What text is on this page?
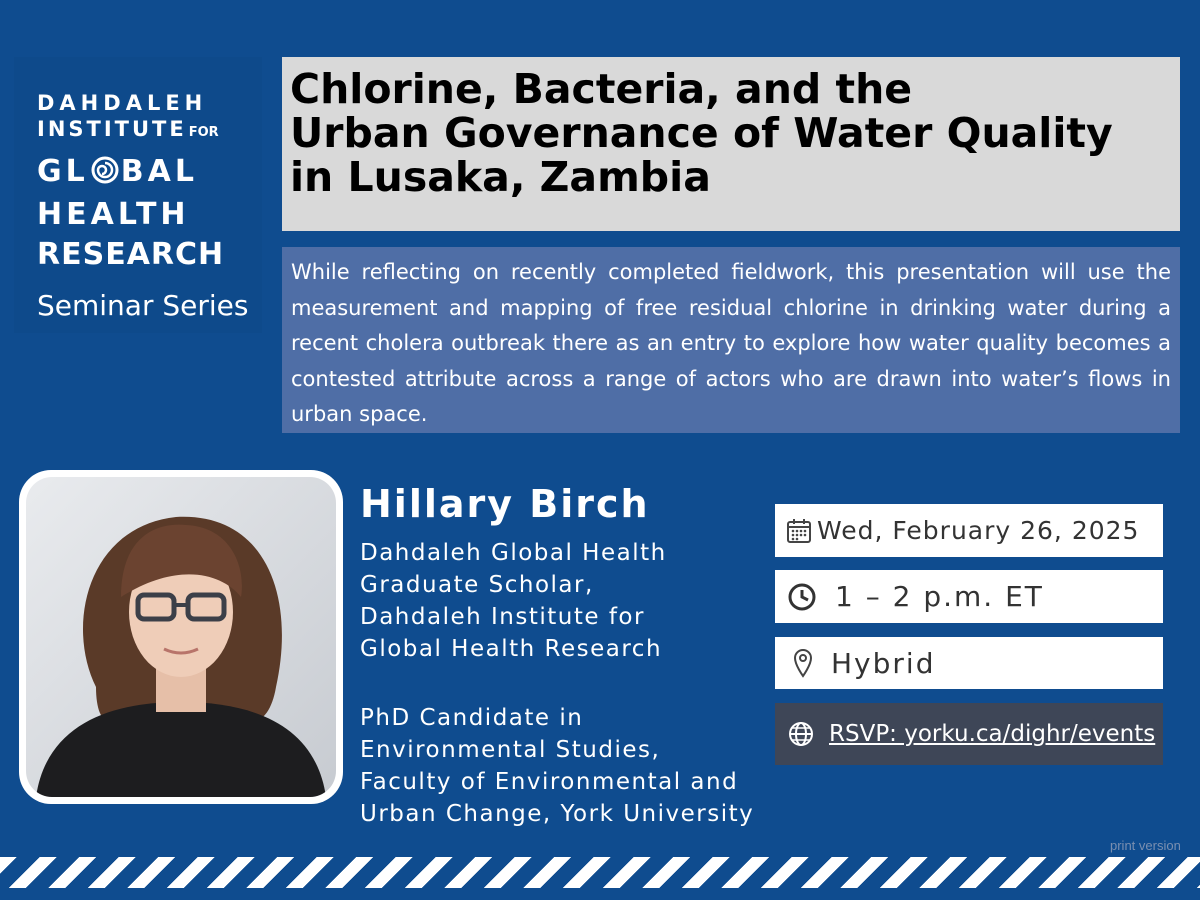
DAHDALEH
INSTITUTE FOR
GL BAL
HEALTH
RESEARCH
Seminar Series
Chlorine, Bacteria, and the
Urban Governance of Water Quality
in Lusaka, Zambia

While reflecting on recently completed fieldwork, this presentation will use the measurement and mapping of free residual chlorine in drinking water during a recent cholera outbreak there as an entry to explore how water quality becomes a contested attribute across a range of actors who are drawn into water’s flows in urban space.

Hillary Birch
Dahdaleh Global Health
Graduate Scholar,
Dahdaleh Institute for
Global Health Research
PhD Candidate in
Environmental Studies,
Faculty of Environmental and
Urban Change, York University
Wed, February 26, 2025
1 – 2 p.m. ET
Hybrid
RSVP: yorku.ca/dighr/events
print version
